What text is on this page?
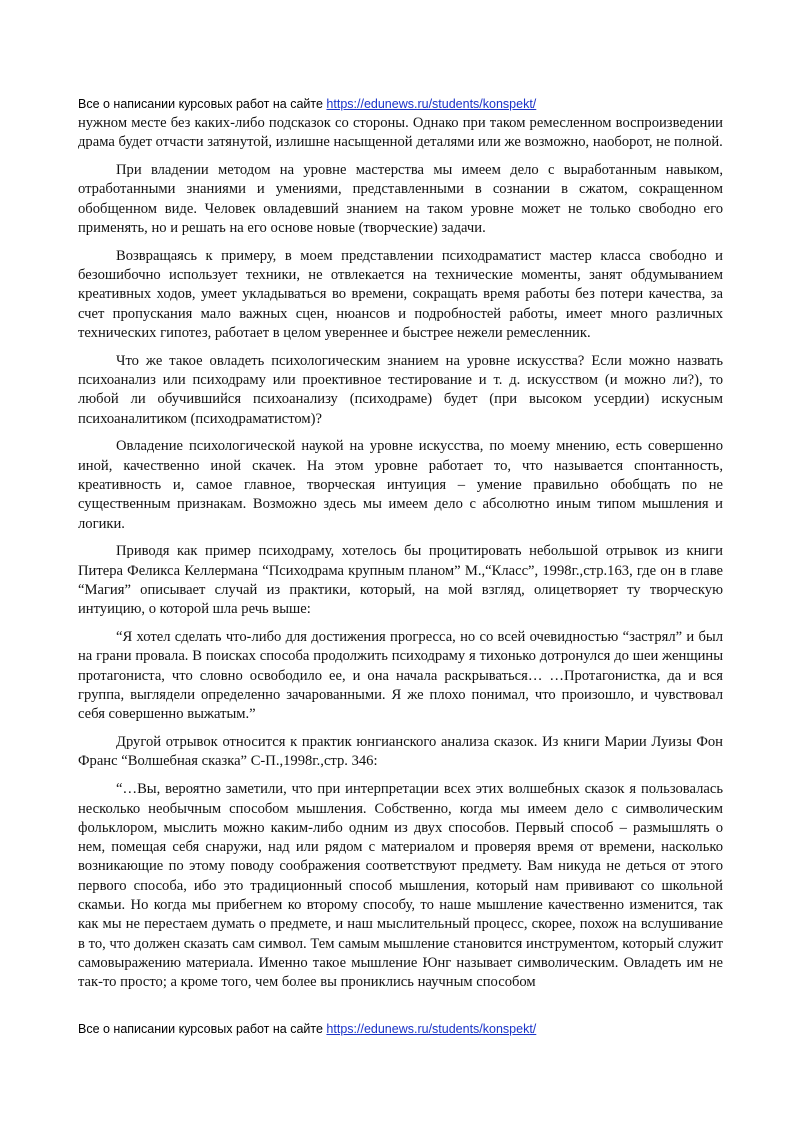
Все о написании курсовых работ на сайте https://edunews.ru/students/konspekt/

нужном месте без каких-либо подсказок со стороны. Однако при таком ремесленном воспроизведении драма будет отчасти затянутой, излишне насыщенной деталями или же возможно, наоборот, не полной.

При владении методом на уровне мастерства мы имеем дело с выработанным навыком, отработанными знаниями и умениями, представленными в сознании в сжатом, сокращенном обобщенном виде. Человек овладевший знанием на таком уровне может не только свободно его применять, но и решать на его основе новые (творческие) задачи.

Возвращаясь к примеру, в моем представлении психодраматист мастер класса свободно и безошибочно использует техники, не отвлекается на технические моменты, занят обдумыванием креативных ходов, умеет укладываться во времени, сокращать время работы без потери качества, за счет пропускания мало важных сцен, нюансов и подробностей работы, имеет много различных технических гипотез, работает в целом увереннее и быстрее нежели ремесленник.

Что же такое овладеть психологическим знанием на уровне искусства? Если можно назвать психоанализ или психодраму или проективное тестирование и т. д. искусством (и можно ли?), то любой ли обучившийся психоанализу (психодраме) будет (при высоком усердии) искусным психоаналитиком (психодраматистом)?

Овладение психологической наукой на уровне искусства, по моему мнению, есть совершенно иной, качественно иной скачек. На этом уровне работает то, что называется спонтанность, креативность и, самое главное, творческая интуиция – умение правильно обобщать по не существенным признакам. Возможно здесь мы имеем дело с абсолютно иным типом мышления и логики.

Приводя как пример психодраму, хотелось бы процитировать небольшой отрывок из книги Питера Феликса Келлермана “Психодрама крупным планом” М.,“Класс”, 1998г.,стр.163, где он в главе “Магия” описывает случай из практики, который, на мой взгляд, олицетворяет ту творческую интуицию, о которой шла речь выше:

“Я хотел сделать что-либо для достижения прогресса, но со всей очевидностью “застрял” и был на грани провала. В поисках способа продолжить психодраму я тихонько дотронулся до шеи женщины протагониста, что словно освободило ее, и она начала раскрываться… …Протагонистка, да и вся группа, выглядели определенно зачарованными. Я же плохо понимал, что произошло, и чувствовал себя совершенно выжатым.”

Другой отрывок относится к практик юнгианского анализа сказок. Из книги Марии Луизы Фон Франс “Волшебная сказка” С-П.,1998г.,стр. 346:

“…Вы, вероятно заметили, что при интерпретации всех этих волшебных сказок я пользовалась несколько необычным способом мышления. Собственно, когда мы имеем дело с символическим фольклором, мыслить можно каким-либо одним из двух способов. Первый способ – размышлять о нем, помещая себя снаружи, над или рядом с материалом и проверяя время от времени, насколько возникающие по этому поводу соображения соответствуют предмету. Вам никуда не деться от этого первого способа, ибо это традиционный способ мышления, который нам прививают со школьной скамьи. Но когда мы прибегнем ко второму способу, то наше мышление качественно изменится, так как мы не перестаем думать о предмете, и наш мыслительный процесс, скорее, похож на вслушивание в то, что должен сказать сам символ. Тем самым мышление становится инструментом, который служит самовыражению материала. Именно такое мышление Юнг называет символическим. Овладеть им не так-то просто; а кроме того, чем более вы прониклись научным способом

Все о написании курсовых работ на сайте https://edunews.ru/students/konspekt/
